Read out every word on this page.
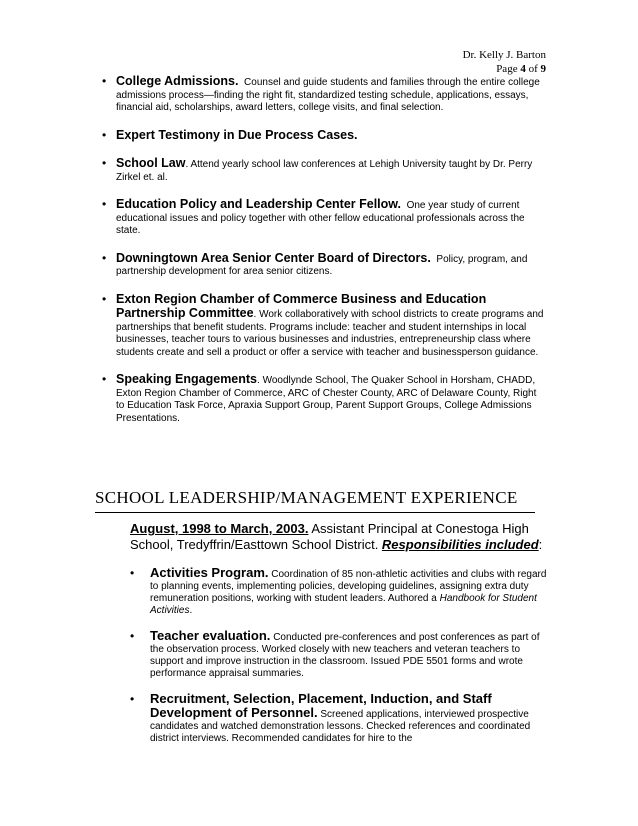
Dr. Kelly J. Barton
Page 4 of 9
• College Admissions. Counsel and guide students and families through the entire college admissions process—finding the right fit, standardized testing schedule, applications, essays, financial aid, scholarships, award letters, college visits, and final selection.
• Expert Testimony in Due Process Cases.
• School Law. Attend yearly school law conferences at Lehigh University taught by Dr. Perry Zirkel et. al.
• Education Policy and Leadership Center Fellow. One year study of current educational issues and policy together with other fellow educational professionals across the state.
• Downingtown Area Senior Center Board of Directors. Policy, program, and partnership development for area senior citizens.
• Exton Region Chamber of Commerce Business and Education Partnership Committee. Work collaboratively with school districts to create programs and partnerships that benefit students. Programs include: teacher and student internships in local businesses, teacher tours to various businesses and industries, entrepreneurship class where students create and sell a product or offer a service with teacher and businessperson guidance.
• Speaking Engagements. Woodlynde School, The Quaker School in Horsham, CHADD, Exton Region Chamber of Commerce, ARC of Chester County, ARC of Delaware County, Right to Education Task Force, Apraxia Support Group, Parent Support Groups, College Admissions Presentations.
SCHOOL LEADERSHIP/MANAGEMENT EXPERIENCE
August, 1998 to March, 2003. Assistant Principal at Conestoga High School, Tredyffrin/Easttown School District. Responsibilities included:
• Activities Program. Coordination of 85 non-athletic activities and clubs with regard to planning events, implementing policies, developing guidelines, assigning extra duty remuneration positions, working with student leaders. Authored a Handbook for Student Activities.
• Teacher evaluation. Conducted pre-conferences and post conferences as part of the observation process. Worked closely with new teachers and veteran teachers to support and improve instruction in the classroom. Issued PDE 5501 forms and wrote performance appraisal summaries.
• Recruitment, Selection, Placement, Induction, and Staff Development of Personnel. Screened applications, interviewed prospective candidates and watched demonstration lessons. Checked references and coordinated district interviews. Recommended candidates for hire to the
